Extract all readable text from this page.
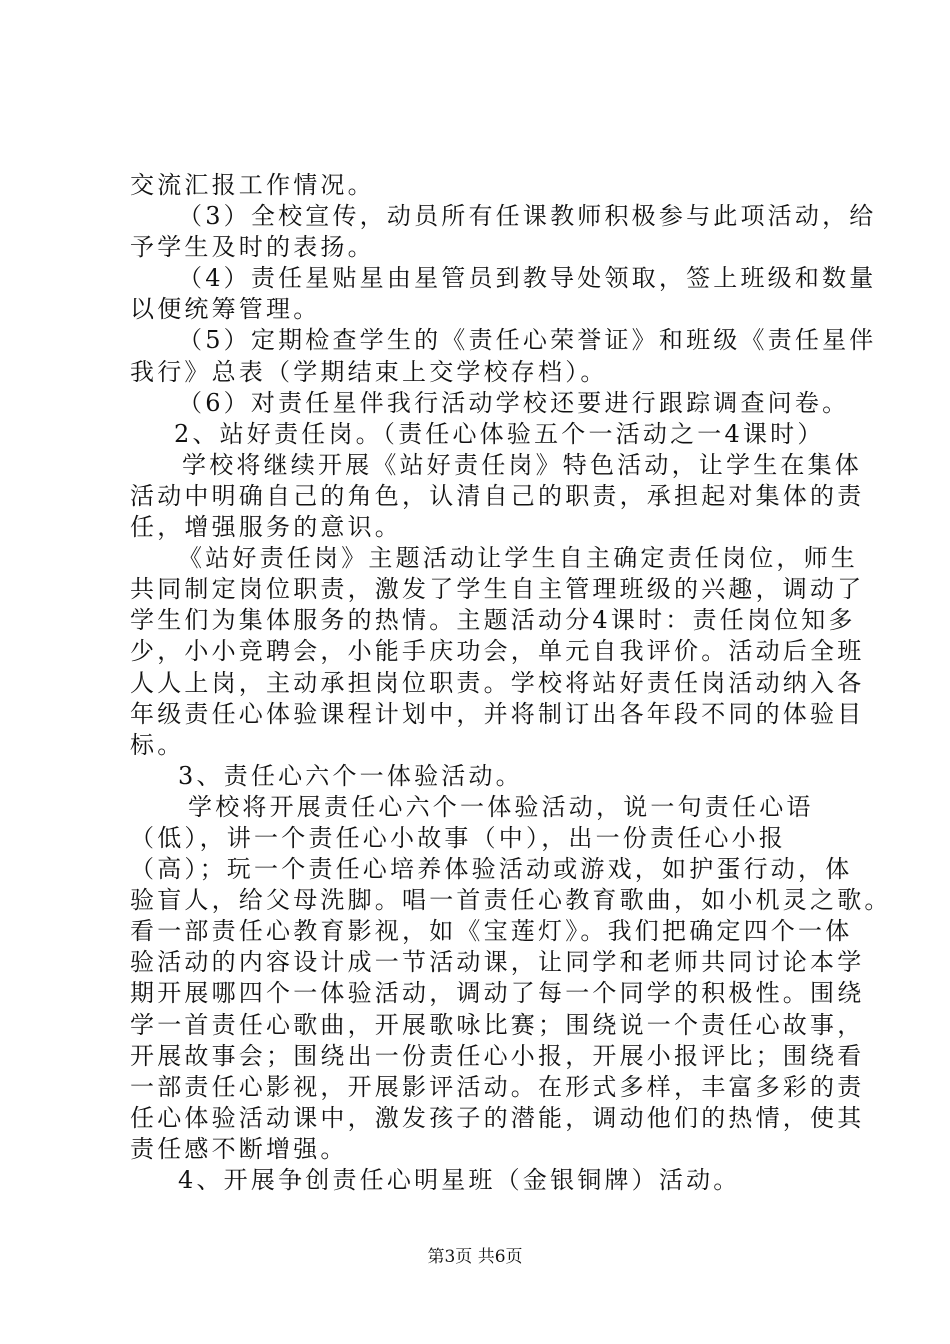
交流汇报工作情况。

（3）全校宣传，动员所有任课教师积极参与此项活动，给

予学生及时的表扬。

（4）责任星贴星由星管员到教导处领取，签上班级和数量

以便统筹管理。

（5）定期检查学生的《责任心荣誉证》和班级《责任星伴

我行》总表（学期结束上交学校存档）。

（6）对责任星伴我行活动学校还要进行跟踪调查问卷。

2、站好责任岗。（责任心体验五个一活动之一4课时）

学校将继续开展《站好责任岗》特色活动，让学生在集体

活动中明确自己的角色，认清自己的职责，承担起对集体的责

任，增强服务的意识。

《站好责任岗》主题活动让学生自主确定责任岗位，师生

共同制定岗位职责，激发了学生自主管理班级的兴趣，调动了

学生们为集体服务的热情。主题活动分4课时：责任岗位知多

少，小小竞聘会，小能手庆功会，单元自我评价。活动后全班

人人上岗，主动承担岗位职责。学校将站好责任岗活动纳入各

年级责任心体验课程计划中，并将制订出各年段不同的体验目

标。

3、责任心六个一体验活动。

学校将开展责任心六个一体验活动，说一句责任心语

（低），讲一个责任心小故事（中），出一份责任心小报

（高）；玩一个责任心培养体验活动或游戏，如护蛋行动，体

验盲人，给父母洗脚。唱一首责任心教育歌曲，如小机灵之歌。

看一部责任心教育影视，如《宝莲灯》。我们把确定四个一体

验活动的内容设计成一节活动课，让同学和老师共同讨论本学

期开展哪四个一体验活动，调动了每一个同学的积极性。围绕

学一首责任心歌曲，开展歌咏比赛；围绕说一个责任心故事，

开展故事会；围绕出一份责任心小报，开展小报评比；围绕看

一部责任心影视，开展影评活动。在形式多样，丰富多彩的责

任心体验活动课中，激发孩子的潜能，调动他们的热情，使其

责任感不断增强。

4、开展争创责任心明星班（金银铜牌）活动。

第3页 共6页
